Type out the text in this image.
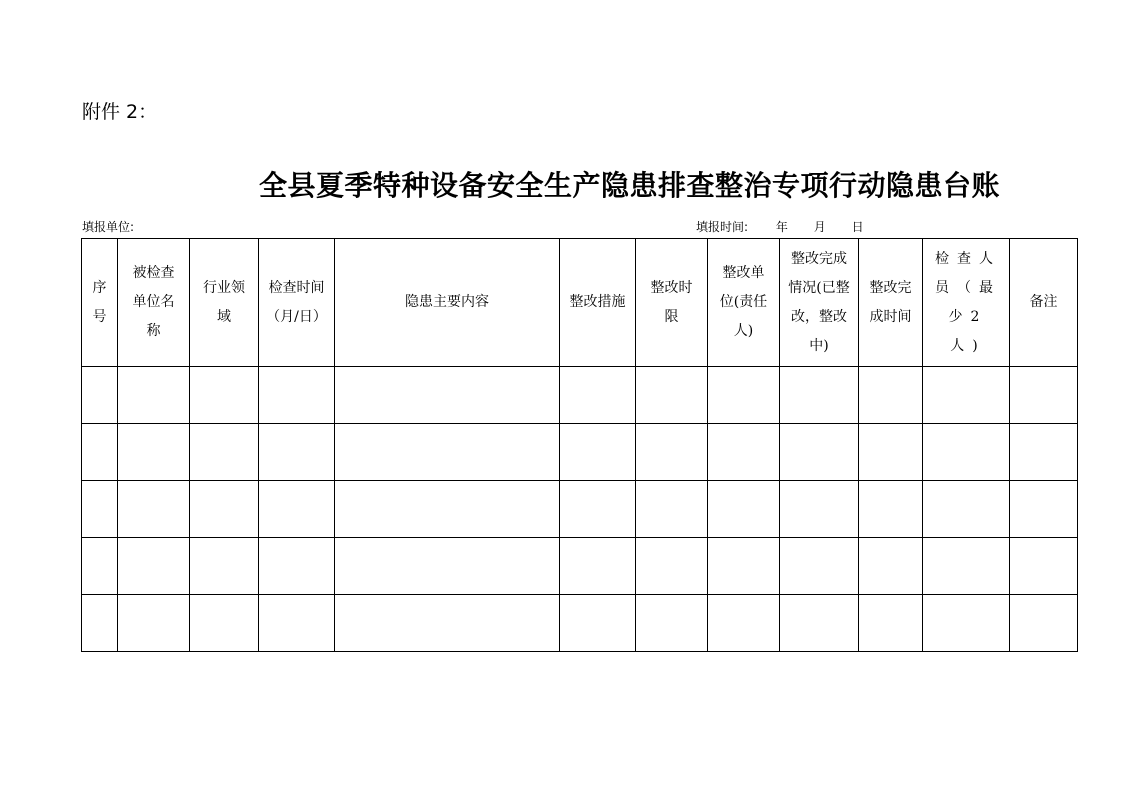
附件 2：
全县夏季特种设备安全生产隐患排查整治专项行动隐患台账
填报单位:	填报时间: 年 月 日
序号	被检查单位名称	行业领域	检查时间（月/日）	隐患主要内容	整改措施	整改时限	整改单位(责任人)	整改完成情况(已整改，整改中)	整改完成时间	检查人员（最少2人)	备注
